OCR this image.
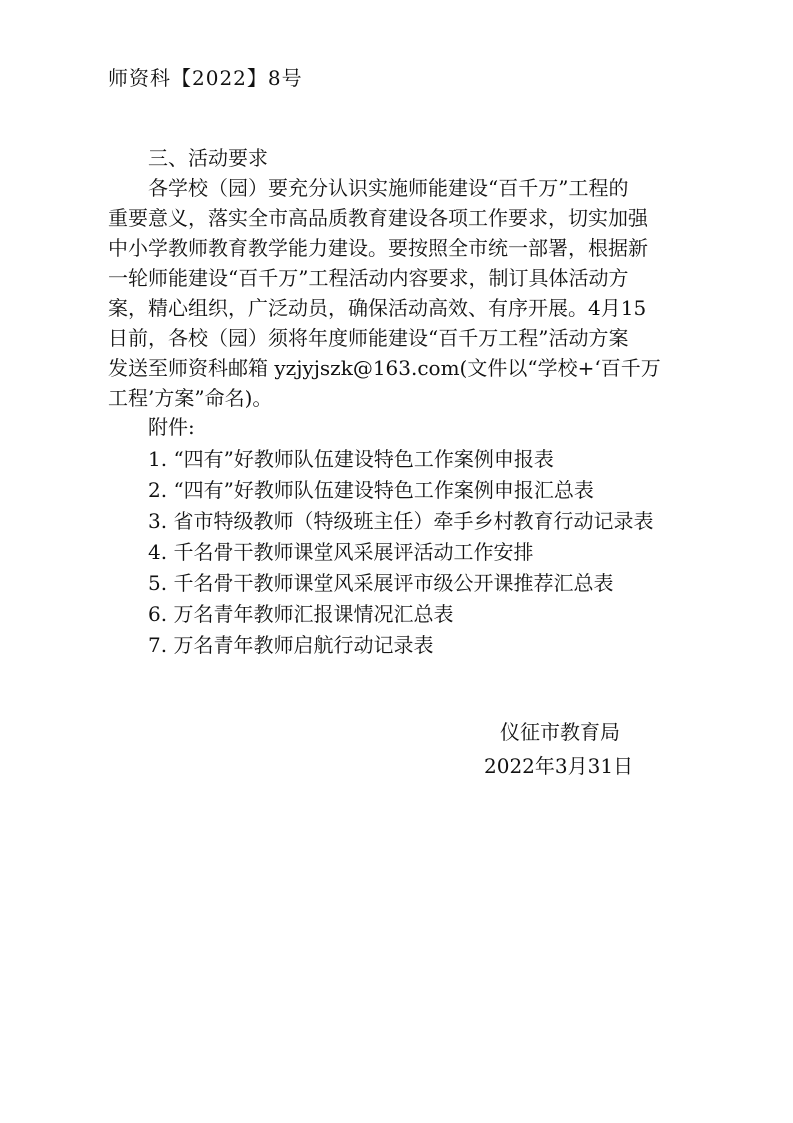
师资科【2022】8号
三、活动要求
各学校（园）要充分认识实施师能建设“百千万”工程的
重要意义，落实全市高品质教育建设各项工作要求，切实加强
中小学教师教育教学能力建设。要按照全市统一部署，根据新
一轮师能建设“百千万”工程活动内容要求，制订具体活动方
案，精心组织，广泛动员，确保活动高效、有序开展。4月15
日前，各校（园）须将年度师能建设“百千万工程”活动方案
发送至师资科邮箱 yzjyjszk@163.com(文件以“学校+‘百千万
工程’方案”命名)。
附件:
1. “四有”好教师队伍建设特色工作案例申报表
2. “四有”好教师队伍建设特色工作案例申报汇总表
3. 省市特级教师（特级班主任）牵手乡村教育行动记录表
4. 千名骨干教师课堂风采展评活动工作安排
5. 千名骨干教师课堂风采展评市级公开课推荐汇总表
6. 万名青年教师汇报课情况汇总表
7. 万名青年教师启航行动记录表
仪征市教育局
2022年3月31日
